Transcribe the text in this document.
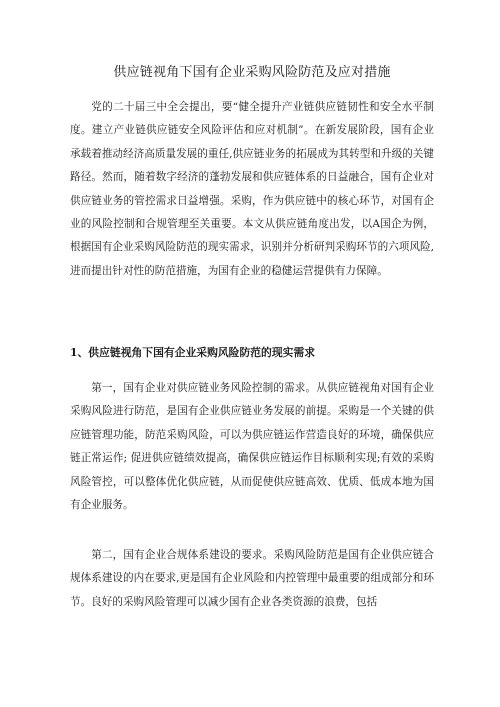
供应链视角下国有企业采购风险防范及应对措施

党的二十届三中全会提出，要“健全提升产业链供应链韧性和安全水平制度。建立产业链供应链安全风险评估和应对机制”。在新发展阶段，国有企业承载着推动经济高质量发展的重任,供应链业务的拓展成为其转型和升级的关键路径。然而，随着数字经济的蓬勃发展和供应链体系的日益融合，国有企业对供应链业务的管控需求日益增强。采购，作为供应链中的核心环节，对国有企业的风险控制和合规管理至关重要。本文从供应链角度出发，以A国企为例，根据国有企业采购风险防范的现实需求，识别并分析研判采购环节的六项风险,进而提出针对性的防范措施，为国有企业的稳健运营提供有力保障。

1、供应链视角下国有企业采购风险防范的现实需求

第一，国有企业对供应链业务风险控制的需求。从供应链视角对国有企业采购风险进行防范，是国有企业供应链业务发展的前提。采购是一个关键的供应链管理功能，防范采购风险，可以为供应链运作营造良好的环境，确保供应链正常运作; 促进供应链绩效提高，确保供应链运作目标顺利实现;有效的采购风险管控，可以整体优化供应链，从而促使供应链高效、优质、低成本地为国有企业服务。

第二，国有企业合规体系建设的要求。采购风险防范是国有企业供应链合规体系建设的内在要求,更是国有企业风险和内控管理中最重要的组成部分和环节。良好的采购风险管理可以减少国有企业各类资源的浪费，包括
